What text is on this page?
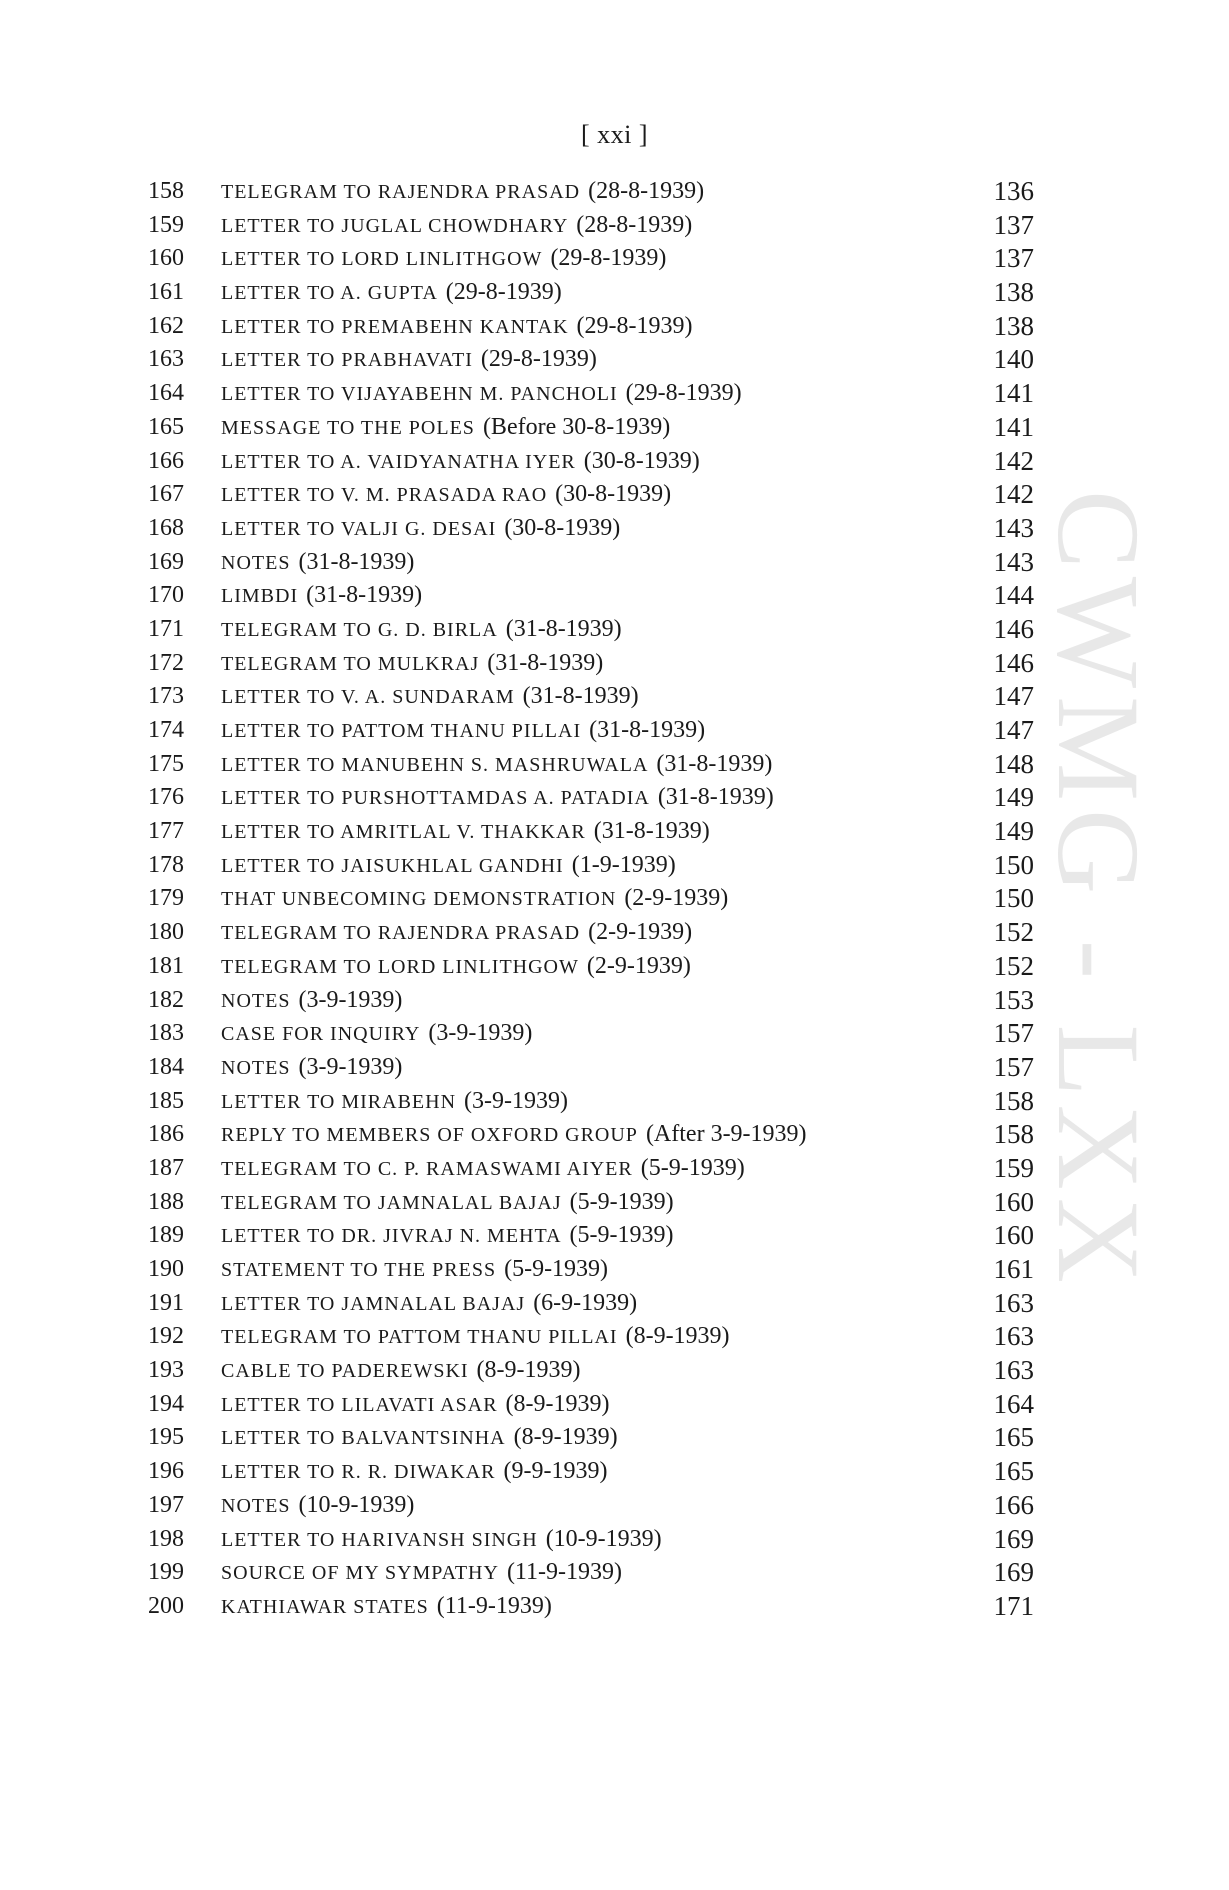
[ xxi ]
CWMG - LXX
158 TELEGRAM TO RAJENDRA PRASAD (28-8-1939)	136
159 LETTER TO JUGLAL CHOWDHARY (28-8-1939)	137
160 LETTER TO LORD LINLITHGOW (29-8-1939)	137
161 LETTER TO A. GUPTA (29-8-1939)	138
162 LETTER TO PREMABEHN KANTAK (29-8-1939)	138
163 LETTER TO PRABHAVATI (29-8-1939)	140
164 LETTER TO VIJAYABEHN M. PANCHOLI (29-8-1939)	141
165 MESSAGE TO THE POLES (Before 30-8-1939)	141
166 LETTER TO A. VAIDYANATHA IYER (30-8-1939)	142
167 LETTER TO V. M. PRASADA RAO (30-8-1939)	142
168 LETTER TO VALJI G. DESAI (30-8-1939)	143
169 NOTES (31-8-1939)	143
170 LIMBDI (31-8-1939)	144
171 TELEGRAM TO G. D. BIRLA (31-8-1939)	146
172 TELEGRAM TO MULKRAJ (31-8-1939)	146
173 LETTER TO V. A. SUNDARAM (31-8-1939)	147
174 LETTER TO PATTOM THANU PILLAI (31-8-1939)	147
175 LETTER TO MANUBEHN S. MASHRUWALA (31-8-1939)	148
176 LETTER TO PURSHOTTAMDAS A. PATADIA (31-8-1939)	149
177 LETTER TO AMRITLAL V. THAKKAR (31-8-1939)	149
178 LETTER TO JAISUKHLAL GANDHI (1-9-1939)	150
179 THAT UNBECOMING DEMONSTRATION (2-9-1939)	150
180 TELEGRAM TO RAJENDRA PRASAD (2-9-1939)	152
181 TELEGRAM TO LORD LINLITHGOW (2-9-1939)	152
182 NOTES (3-9-1939)	153
183 CASE FOR INQUIRY (3-9-1939)	157
184 NOTES (3-9-1939)	157
185 LETTER TO MIRABEHN (3-9-1939)	158
186 REPLY TO MEMBERS OF OXFORD GROUP (After 3-9-1939)	158
187 TELEGRAM TO C. P. RAMASWAMI AIYER (5-9-1939)	159
188 TELEGRAM TO JAMNALAL BAJAJ (5-9-1939)	160
189 LETTER TO DR. JIVRAJ N. MEHTA (5-9-1939)	160
190 STATEMENT TO THE PRESS (5-9-1939)	161
191 LETTER TO JAMNALAL BAJAJ (6-9-1939)	163
192 TELEGRAM TO PATTOM THANU PILLAI (8-9-1939)	163
193 CABLE TO PADEREWSKI (8-9-1939)	163
194 LETTER TO LILAVATI ASAR (8-9-1939)	164
195 LETTER TO BALVANTSINHA (8-9-1939)	165
196 LETTER TO R. R. DIWAKAR (9-9-1939)	165
197 NOTES (10-9-1939)	166
198 LETTER TO HARIVANSH SINGH (10-9-1939)	169
199 SOURCE OF MY SYMPATHY (11-9-1939)	169
200 KATHIAWAR STATES (11-9-1939)	171
